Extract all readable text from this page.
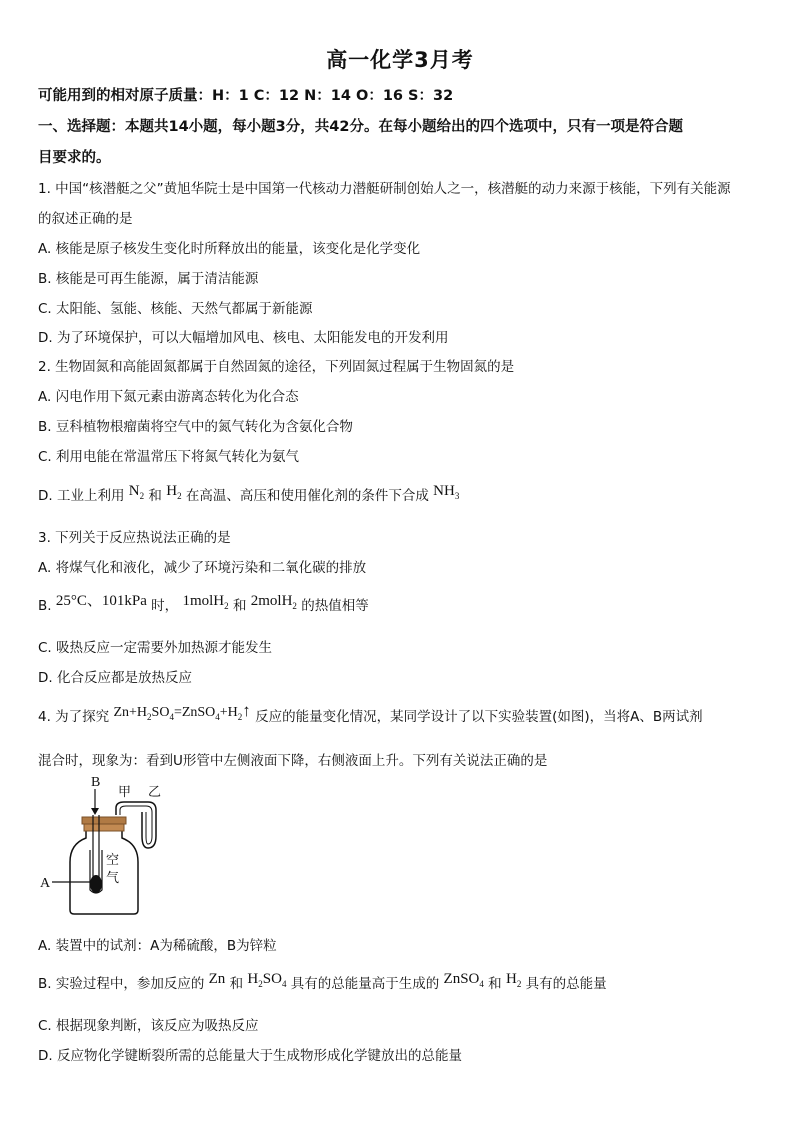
高一化学3月考
可能用到的相对原子质量：H：1 C：12 N：14 O：16 S：32
一、选择题：本题共14小题，每小题3分，共42分。在每小题给出的四个选项中，只有一项是符合题
目要求的。
1. 中国“核潜艇之父”黄旭华院士是中国第一代核动力潜艇研制创始人之一，核潜艇的动力来源于核能，下列有关能源
的叙述正确的是
A. 核能是原子核发生变化时所释放出的能量，该变化是化学变化
B. 核能是可再生能源，属于清洁能源
C. 太阳能、氢能、核能、天然气都属于新能源
D. 为了环境保护，可以大幅增加风电、核电、太阳能发电的开发利用
2. 生物固氮和高能固氮都属于自然固氮的途径，下列固氮过程属于生物固氮的是
A. 闪电作用下氮元素由游离态转化为化合态
B. 豆科植物根瘤菌将空气中的氮气转化为含氨化合物
C. 利用电能在常温常压下将氮气转化为氨气
D. 工业上利用 $N_2$ 和 $H_2$ 在高温、高压和使用催化剂的条件下合成 $NH_3$
3. 下列关于反应热说法正确的是
A. 将煤气化和液化，减少了环境污染和二氧化碳的排放
B. 25°C、101kPa 时， 1molH$_2$ 和 2molH$_2$ 的热值相等
C. 吸热反应一定需要外加热源才能发生
D. 化合反应都是放热反应
4. 为了探究 $Zn+H_2SO_4=ZnSO_4+H_2↑$ 反应的能量变化情况，某同学设计了以下实验装置(如图)，当将A、B两试剂
混合时，现象为：看到U形管中左侧液面下降，右侧液面上升。下列有关说法正确的是
B
甲 乙
空
气
A
A. 装置中的试剂：A为稀硫酸，B为锌粒
B. 实验过程中，参加反应的 Zn 和 $H_2SO_4$ 具有的总能量高于生成的 ZnSO$_4$ 和 $H_2$ 具有的总能量
C. 根据现象判断，该反应为吸热反应
D. 反应物化学键断裂所需的总能量大于生成物形成化学键放出的总能量
